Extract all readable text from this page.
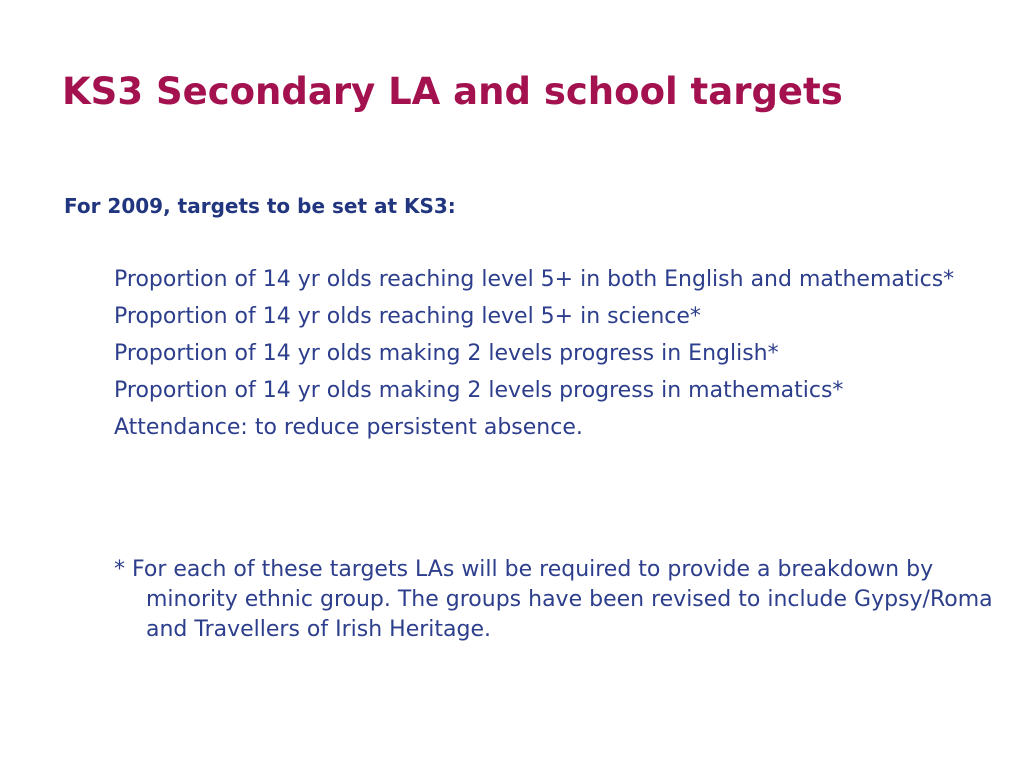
KS3 Secondary LA and school targets

For 2009, targets to be set at KS3:

Proportion of 14 yr olds reaching level 5+ in both English and mathematics*
Proportion of 14 yr olds reaching level 5+ in science*
Proportion of 14 yr olds making 2 levels progress in English*
Proportion of 14 yr olds making 2 levels progress in mathematics*
Attendance: to reduce persistent absence.

* For each of these targets LAs will be required to provide a breakdown by minority ethnic group. The groups have been revised to include Gypsy/Roma and Travellers of Irish Heritage.
